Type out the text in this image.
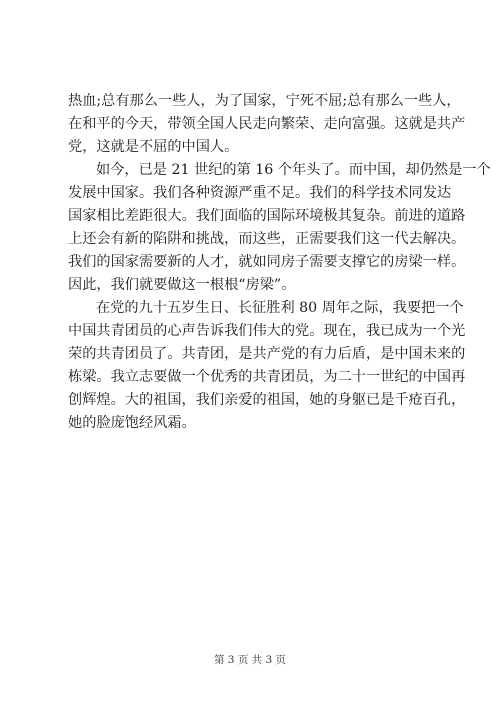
热血;总有那么一些人，为了国家，宁死不屈;总有那么一些人，
在和平的今天，带领全国人民走向繁荣、走向富强。这就是共产
党，这就是不屈的中国人。
如今，已是 21 世纪的第 16 个年头了。而中国，却仍然是一个
发展中国家。我们各种资源严重不足。我们的科学技术同发达
国家相比差距很大。我们面临的国际环境极其复杂。前进的道路
上还会有新的陷阱和挑战，而这些，正需要我们这一代去解决。
我们的国家需要新的人才，就如同房子需要支撑它的房梁一样。
因此，我们就要做这一根根“房梁”。
在党的九十五岁生日、长征胜利 80 周年之际，我要把一个
中国共青团员的心声告诉我们伟大的党。现在，我已成为一个光
荣的共青团员了。共青团，是共产党的有力后盾，是中国未来的
栋梁。我立志要做一个优秀的共青团员，为二十一世纪的中国再
创辉煌。大的祖国，我们亲爱的祖国，她的身躯已是千疮百孔，
她的脸庞饱经风霜。
第 3 页 共 3 页
